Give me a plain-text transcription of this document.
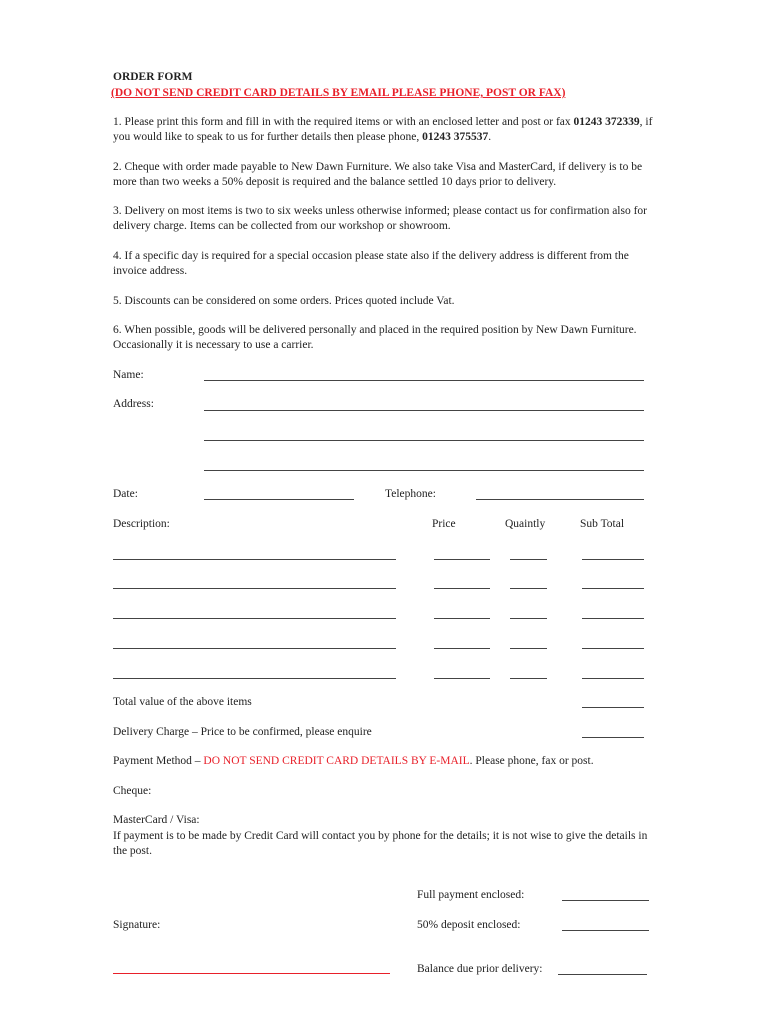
ORDER FORM
(DO NOT SEND CREDIT CARD DETAILS BY EMAIL PLEASE PHONE, POST OR FAX)
1. Please print this form and fill in with the required items or with an enclosed letter and post or fax 01243 372339, if you would like to speak to us for further details then please phone, 01243 375537.
2. Cheque with order made payable to New Dawn Furniture. We also take Visa and MasterCard, if delivery is to be more than two weeks a 50% deposit is required and the balance settled 10 days prior to delivery.
3. Delivery on most items is two to six weeks unless otherwise informed; please contact us for confirmation also for delivery charge. Items can be collected from our workshop or showroom.
4. If a specific day is required for a special occasion please state also if the delivery address is different from the invoice address.
5. Discounts can be considered on some orders. Prices quoted include Vat.
6. When possible, goods will be delivered personally and placed in the required position by New Dawn Furniture. Occasionally it is necessary to use a carrier.
Name:
Address:
Date:	Telephone:
Description:	Price	Quaintly	Sub Total
Total value of the above items
Delivery Charge – Price to be confirmed, please enquire
Payment Method – DO NOT SEND CREDIT CARD DETAILS BY E-MAIL. Please phone, fax or post.
Cheque:
MasterCard / Visa:
If payment is to be made by Credit Card will contact you by phone for the details; it is not wise to give the details in the post.
Full payment enclosed:
Signature:	50% deposit enclosed:
Balance due prior delivery:
